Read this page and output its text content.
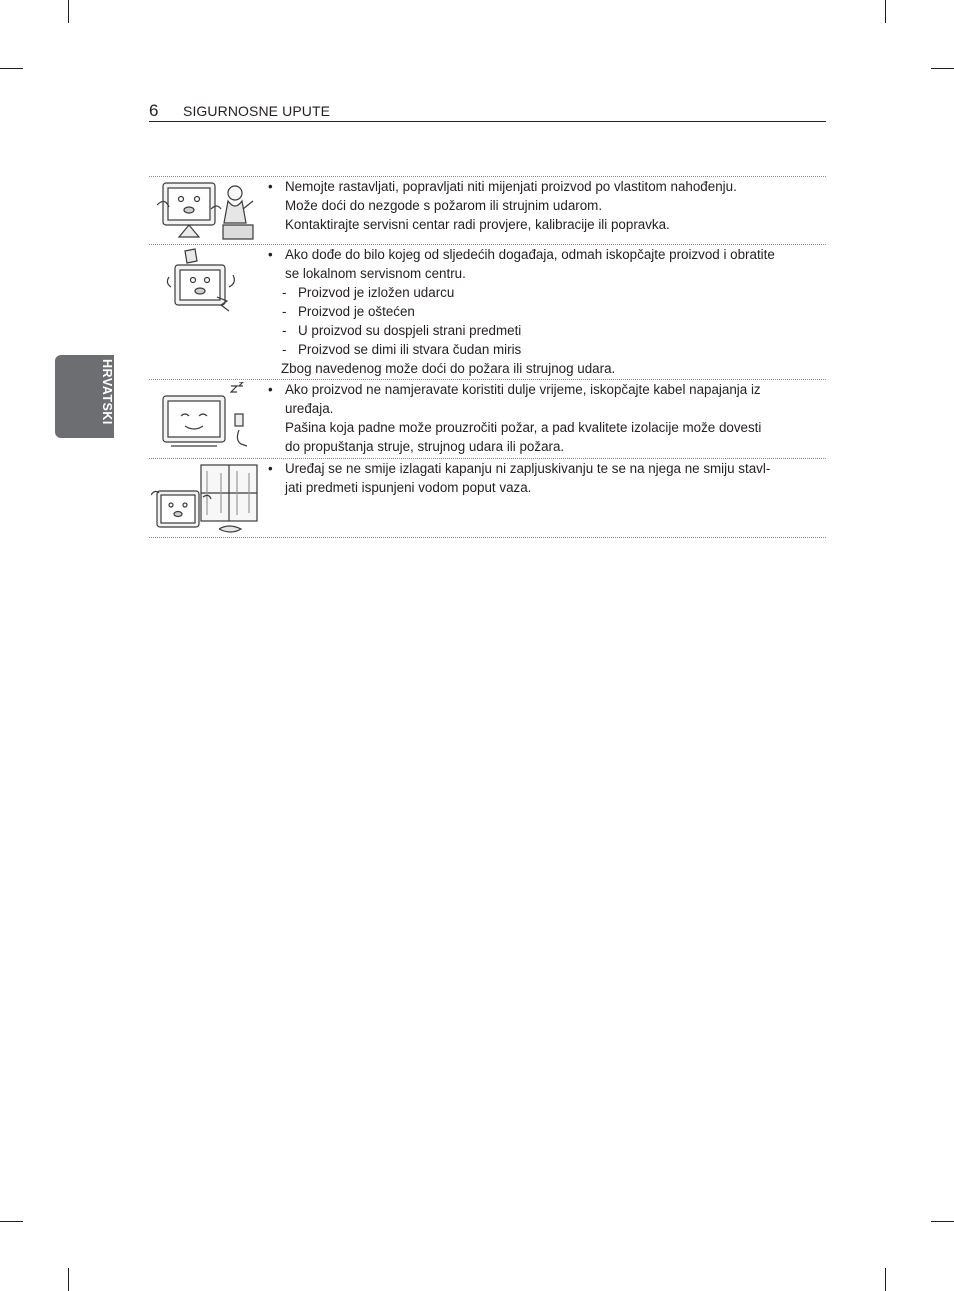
6 SIGURNOSNE UPUTE
HRVATSKI
• Nemojte rastavljati, popravljati niti mijenjati proizvod po vlastitom nahođenju.
Može doći do nezgode s požarom ili strujnim udarom.
Kontaktirajte servisni centar radi provjere, kalibracije ili popravka.
• Ako dođe do bilo kojeg od sljedećih događaja, odmah iskopčajte proizvod i obratite
se lokalnom servisnom centru.
- Proizvod je izložen udarcu
- Proizvod je oštećen
- U proizvod su dospjeli strani predmeti
- Proizvod se dimi ili stvara čudan miris
Zbog navedenog može doći do požara ili strujnog udara.
• Ako proizvod ne namjeravate koristiti dulje vrijeme, iskopčajte kabel napajanja iz
uređaja.
Pašina koja padne može prouzročiti požar, a pad kvalitete izolacije može dovesti
do propuštanja struje, strujnog udara ili požara.
• Uređaj se ne smije izlagati kapanju ni zapljuskivanju te se na njega ne smiju stavl-
jati predmeti ispunjeni vodom poput vaza.
